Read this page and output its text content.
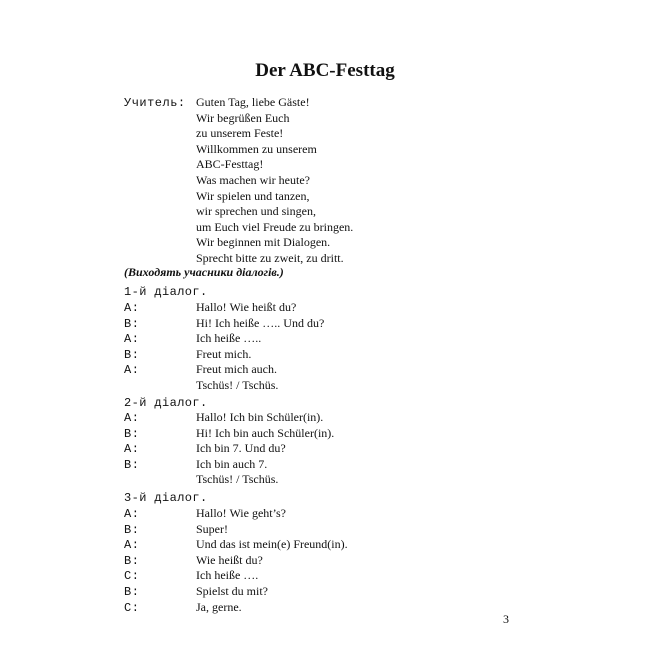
Der ABC-Festtag
Учитель: Guten Tag, liebe Gäste!
Wir begrüßen Euch
zu unserem Feste!
Willkommen zu unserem
ABC-Festtag!
Was machen wir heute?
Wir spielen und tanzen,
wir sprechen und singen,
um Euch viel Freude zu bringen.
Wir beginnen mit Dialogen.
Sprecht bitte zu zweit, zu dritt.
(Виходять учасники діалогів.)
1-й діалог.
A:	Hallo! Wie heißt du?
B:	Hi! Ich heiße ….. Und du?
A:	Ich heiße …..
B:	Freut mich.
A:	Freut mich auch.
Tschüs! / Tschüs.
2-й діалог.
A:	Hallo! Ich bin Schüler(in).
B:	Hi! Ich bin auch Schüler(in).
A:	Ich bin 7. Und du?
B:	Ich bin auch 7.
Tschüs! / Tschüs.
3-й діалог.
A:	Hallo! Wie geht’s?
B:	Super!
A:	Und das ist mein(e) Freund(in).
B:	Wie heißt du?
C:	Ich heiße ….
B:	Spielst du mit?
C:	Ja, gerne.
3
